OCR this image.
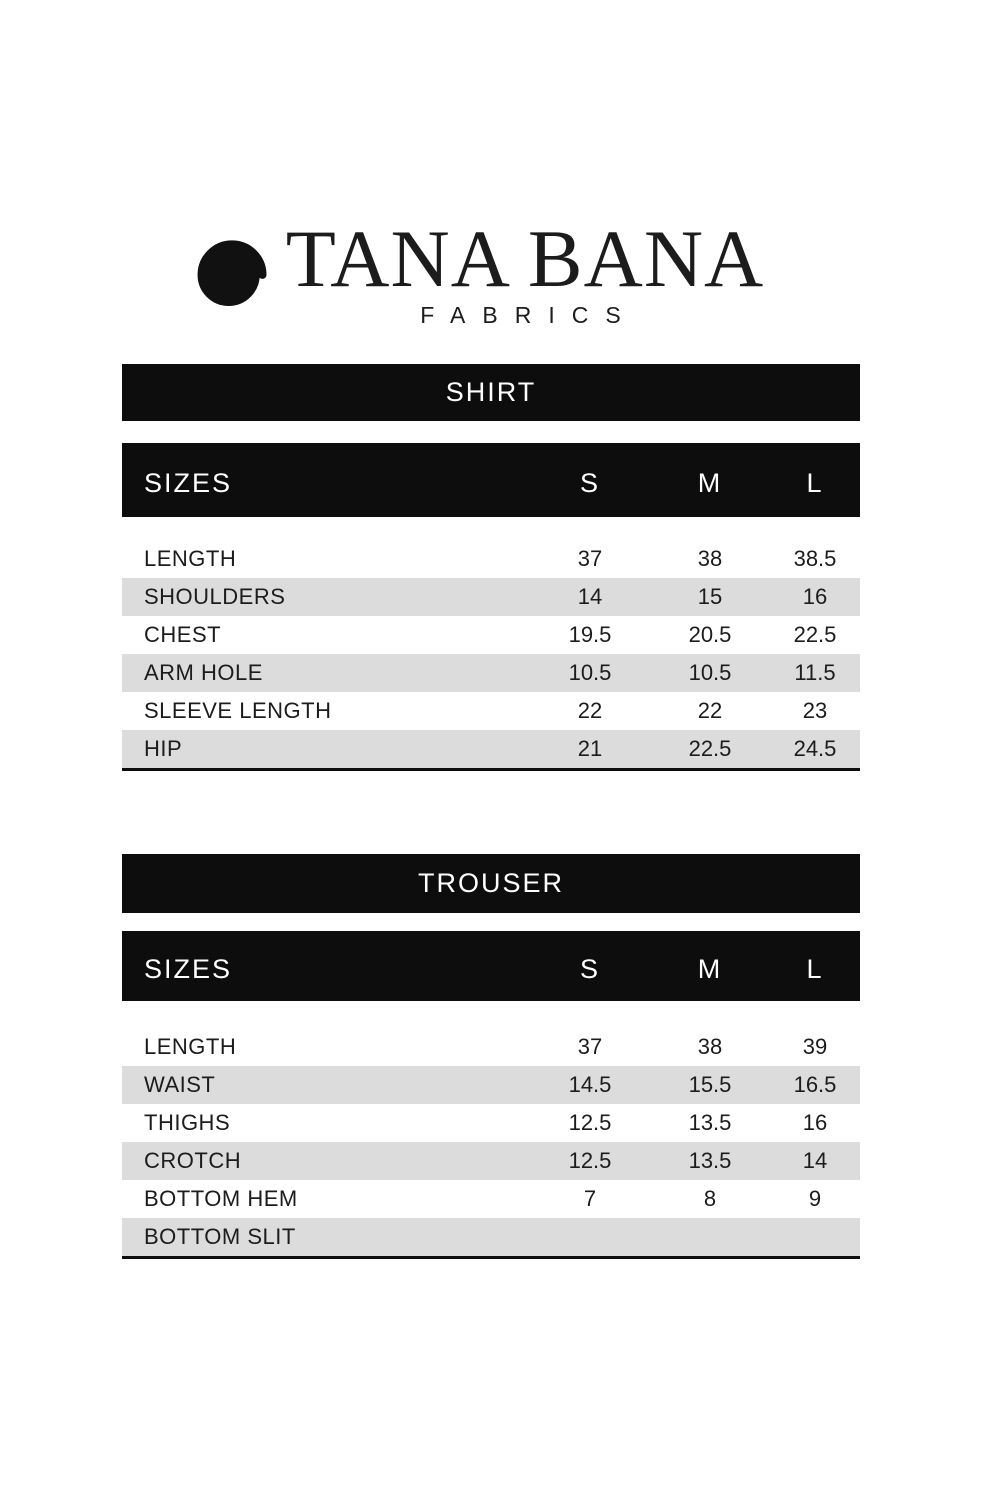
TANA BANA
FABRICS
SHIRT
SIZES	S	M	L
LENGTH	37	38	38.5
SHOULDERS	14	15	16
CHEST	19.5	20.5	22.5
ARM HOLE	10.5	10.5	11.5
SLEEVE LENGTH	22	22	23
HIP	21	22.5	24.5
TROUSER
SIZES	S	M	L
LENGTH	37	38	39
WAIST	14.5	15.5	16.5
THIGHS	12.5	13.5	16
CROTCH	12.5	13.5	14
BOTTOM HEM	7	8	9
BOTTOM SLIT
